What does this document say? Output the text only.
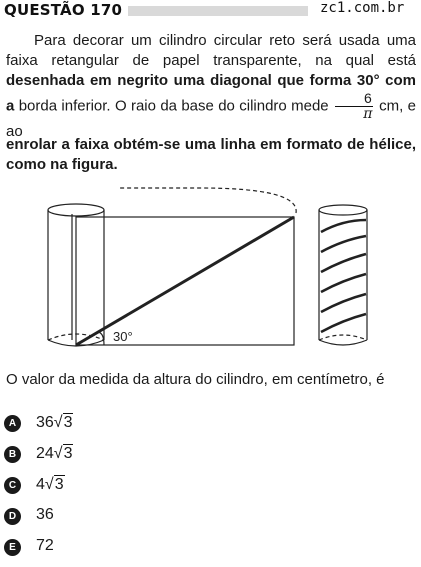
QUESTÃO 170	zc1.com.br

Para decorar um cilindro circular reto será usada uma faixa retangular de papel transparente, na qual está desenhada em negrito uma diagonal que forma 30° com a borda inferior. O raio da base do cilindro mede $\frac{6}{\pi}$ cm, e ao

enrolar a faixa obtém-se uma linha em formato de hélice, como na figura.

30°

O valor da medida da altura do cilindro, em centímetro, é

A	36√3
B	24√3
C	4√3
D	36
E	72
